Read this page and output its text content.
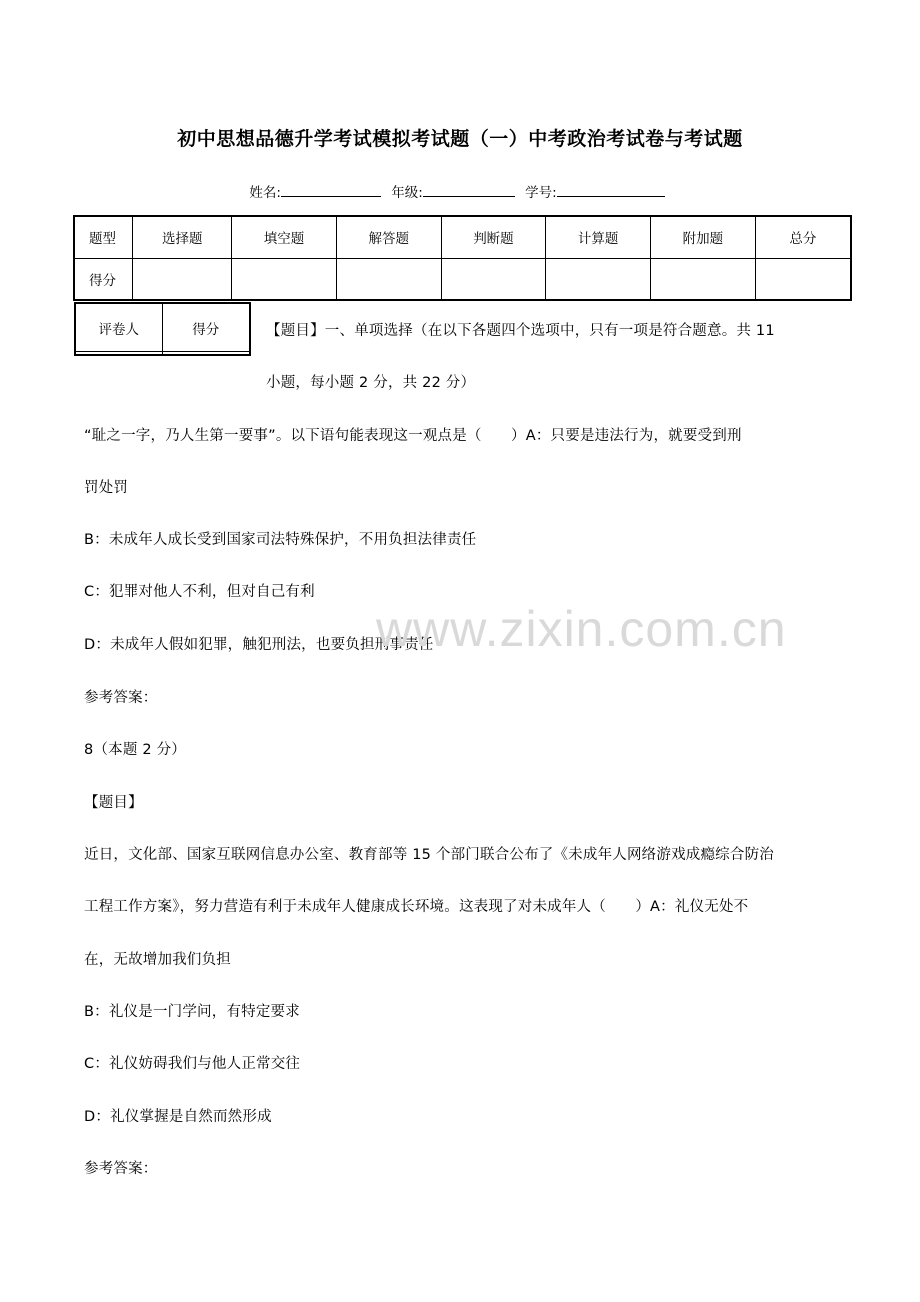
初中思想品德升学考试模拟考试题（一）中考政治考试卷与考试题
姓名:	年级:	学号:
题型	选择题	填空题	解答题	判断题	计算题	附加题	总分
得分							
评卷人	得分
		【题目】一、单项选择（在以下各题四个选项中，只有一项是符合题意。共 11
小题，每小题 2 分，共 22 分）
“耻之一字，乃人生第一要事”。以下语句能表现这一观点是（　　）A：只要是违法行为，就要受到刑
罚处罚
B：未成年人成长受到国家司法特殊保护，不用负担法律责任
C：犯罪对他人不利，但对自己有利
D：未成年人假如犯罪，触犯刑法，也要负担刑事责任
参考答案：
8（本题 2 分）
【题目】
近日，文化部、国家互联网信息办公室、教育部等 15 个部门联合公布了《未成年人网络游戏成瘾综合防治
工程工作方案》，努力营造有利于未成年人健康成长环境。这表现了对未成年人（　　）A：礼仪无处不
在，无故增加我们负担
B：礼仪是一门学问，有特定要求
C：礼仪妨碍我们与他人正常交往
D：礼仪掌握是自然而然形成
参考答案：
www.zixin.com.cn
